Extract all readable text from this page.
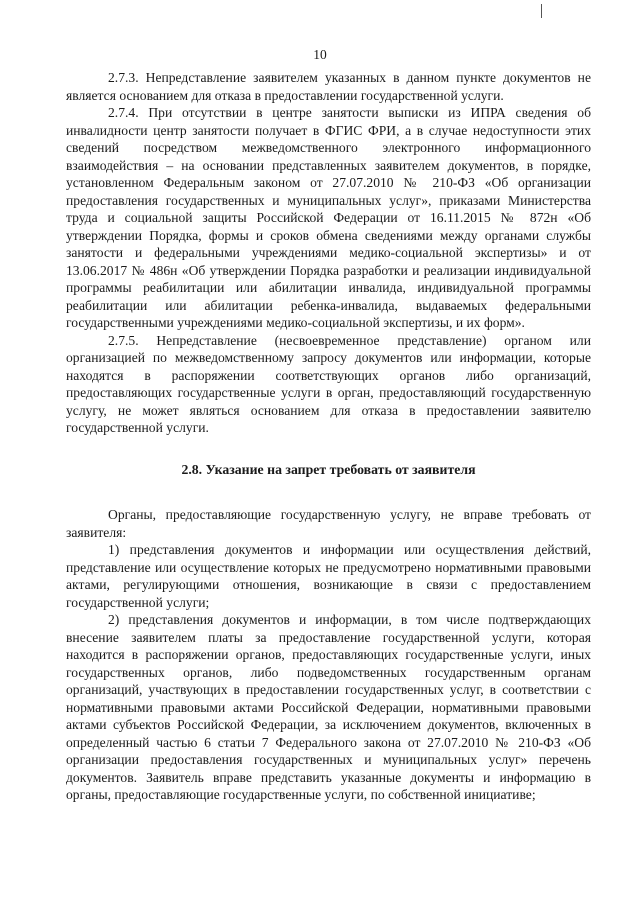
10

2.7.3. Непредставление заявителем указанных в данном пункте документов не является основанием для отказа в предоставлении государственной услуги.

2.7.4. При отсутствии в центре занятости выписки из ИПРА сведения об инвалидности центр занятости получает в ФГИС ФРИ, а в случае недоступности этих сведений посредством межведомственного электронного информационного взаимодействия – на основании представленных заявителем документов, в порядке, установленном Федеральным законом от 27.07.2010 № 210-ФЗ «Об организации предоставления государственных и муниципальных услуг», приказами Министерства труда и социальной защиты Российской Федерации от 16.11.2015 № 872н «Об утверждении Порядка, формы и сроков обмена сведениями между органами службы занятости и федеральными учреждениями медико-социальной экспертизы» и от 13.06.2017 № 486н «Об утверждении Порядка разработки и реализации индивидуальной программы реабилитации или абилитации инвалида, индивидуальной программы реабилитации или абилитации ребенка-инвалида, выдаваемых федеральными государственными учреждениями медико-социальной экспертизы, и их форм».

2.7.5. Непредставление (несвоевременное представление) органом или организацией по межведомственному запросу документов или информации, которые находятся в распоряжении соответствующих органов либо организаций, предоставляющих государственные услуги в орган, предоставляющий государственную услугу, не может являться основанием для отказа в предоставлении заявителю государственной услуги.

2.8. Указание на запрет требовать от заявителя

Органы, предоставляющие государственную услугу, не вправе требовать от заявителя:

1) представления документов и информации или осуществления действий, представление или осуществление которых не предусмотрено нормативными правовыми актами, регулирующими отношения, возникающие в связи с предоставлением государственной услуги;

2) представления документов и информации, в том числе подтверждающих внесение заявителем платы за предоставление государственной услуги, которая находится в распоряжении органов, предоставляющих государственные услуги, иных государственных органов, либо подведомственных государственным органам организаций, участвующих в предоставлении государственных услуг, в соответствии с нормативными правовыми актами Российской Федерации, нормативными правовыми актами субъектов Российской Федерации, за исключением документов, включенных в определенный частью 6 статьи 7 Федерального закона от 27.07.2010 № 210-ФЗ «Об организации предоставления государственных и муниципальных услуг» перечень документов. Заявитель вправе представить указанные документы и информацию в органы, предоставляющие государственные услуги, по собственной инициативе;
